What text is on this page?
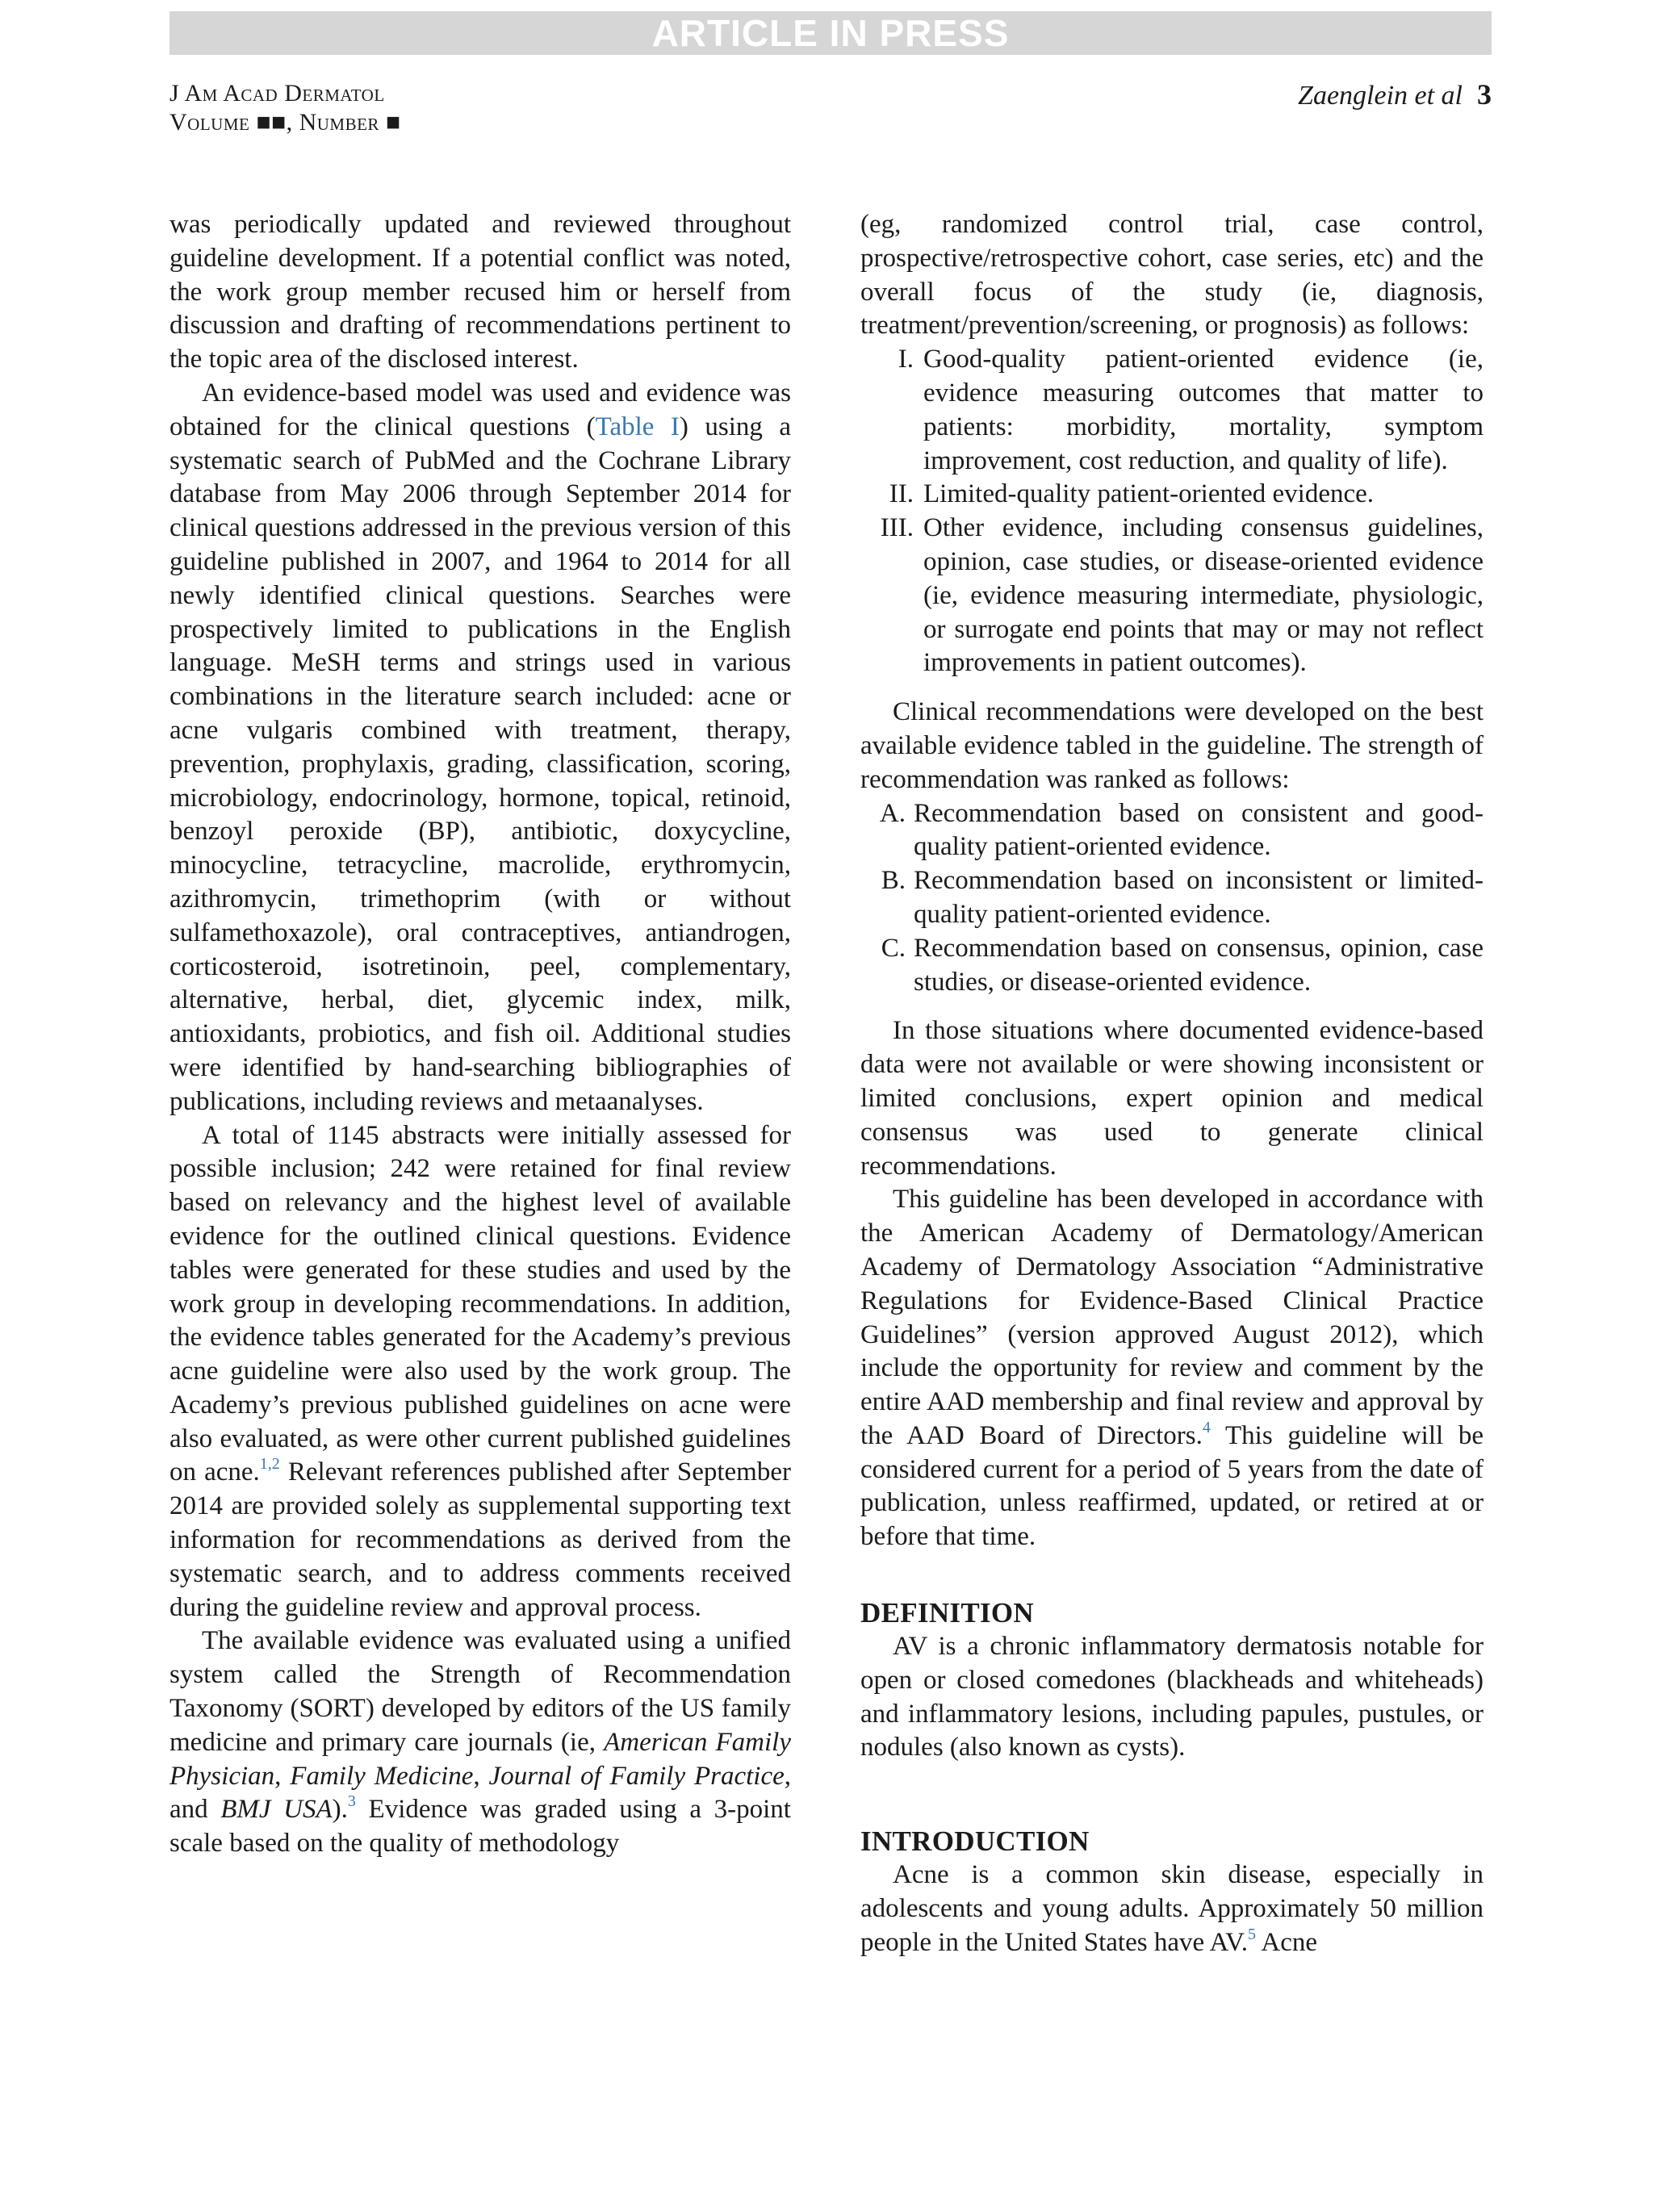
ARTICLE IN PRESS
J Am Acad Dermatol
Volume ■■, Number ■
Zaenglein et al 3

was periodically updated and reviewed throughout guideline development. If a potential conflict was noted, the work group member recused him or herself from discussion and drafting of recommendations pertinent to the topic area of the disclosed interest.

An evidence-based model was used and evidence was obtained for the clinical questions (Table I) using a systematic search of PubMed and the Cochrane Library database from May 2006 through September 2014 for clinical questions addressed in the previous version of this guideline published in 2007, and 1964 to 2014 for all newly identified clinical questions. Searches were prospectively limited to publications in the English language. MeSH terms and strings used in various combinations in the literature search included: acne or acne vulgaris combined with treatment, therapy, prevention, prophylaxis, grading, classification, scoring, microbiology, endocrinology, hormone, topical, retinoid, benzoyl peroxide (BP), antibiotic, doxycycline, minocycline, tetracycline, macrolide, erythromycin, azithromycin, trimethoprim (with or without sulfamethoxazole), oral contraceptives, antiandrogen, corticosteroid, isotretinoin, peel, complementary, alternative, herbal, diet, glycemic index, milk, antioxidants, probiotics, and fish oil. Additional studies were identified by hand-searching bibliographies of publications, including reviews and metaanalyses.

A total of 1145 abstracts were initially assessed for possible inclusion; 242 were retained for final review based on relevancy and the highest level of available evidence for the outlined clinical questions. Evidence tables were generated for these studies and used by the work group in developing recommendations. In addition, the evidence tables generated for the Academy’s previous acne guideline were also used by the work group. The Academy’s previous published guidelines on acne were also evaluated, as were other current published guidelines on acne.$^{1,2}$ Relevant references published after September 2014 are provided solely as supplemental supporting text information for recommendations as derived from the systematic search, and to address comments received during the guideline review and approval process.

The available evidence was evaluated using a unified system called the Strength of Recommendation Taxonomy (SORT) developed by editors of the US family medicine and primary care journals (ie, American Family Physician, Family Medicine, Journal of Family Practice, and BMJ USA).$^3$ Evidence was graded using a 3-point scale based on the quality of methodology

(eg, randomized control trial, case control, prospective/retrospective cohort, case series, etc) and the overall focus of the study (ie, diagnosis, treatment/prevention/screening, or prognosis) as follows:

I. Good-quality patient-oriented evidence (ie, evidence measuring outcomes that matter to patients: morbidity, mortality, symptom improvement, cost reduction, and quality of life).
II. Limited-quality patient-oriented evidence.
III. Other evidence, including consensus guidelines, opinion, case studies, or disease-oriented evidence (ie, evidence measuring intermediate, physiologic, or surrogate end points that may or may not reflect improvements in patient outcomes).

Clinical recommendations were developed on the best available evidence tabled in the guideline. The strength of recommendation was ranked as follows:

A. Recommendation based on consistent and good-quality patient-oriented evidence.
B. Recommendation based on inconsistent or limited-quality patient-oriented evidence.
C. Recommendation based on consensus, opinion, case studies, or disease-oriented evidence.

In those situations where documented evidence-based data were not available or were showing inconsistent or limited conclusions, expert opinion and medical consensus was used to generate clinical recommendations.

This guideline has been developed in accordance with the American Academy of Dermatology/American Academy of Dermatology Association “Administrative Regulations for Evidence-Based Clinical Practice Guidelines” (version approved August 2012), which include the opportunity for review and comment by the entire AAD membership and final review and approval by the AAD Board of Directors.$^4$ This guideline will be considered current for a period of 5 years from the date of publication, unless reaffirmed, updated, or retired at or before that time.

DEFINITION

AV is a chronic inflammatory dermatosis notable for open or closed comedones (blackheads and whiteheads) and inflammatory lesions, including papules, pustules, or nodules (also known as cysts).

INTRODUCTION

Acne is a common skin disease, especially in adolescents and young adults. Approximately 50 million people in the United States have AV.$^5$ Acne
